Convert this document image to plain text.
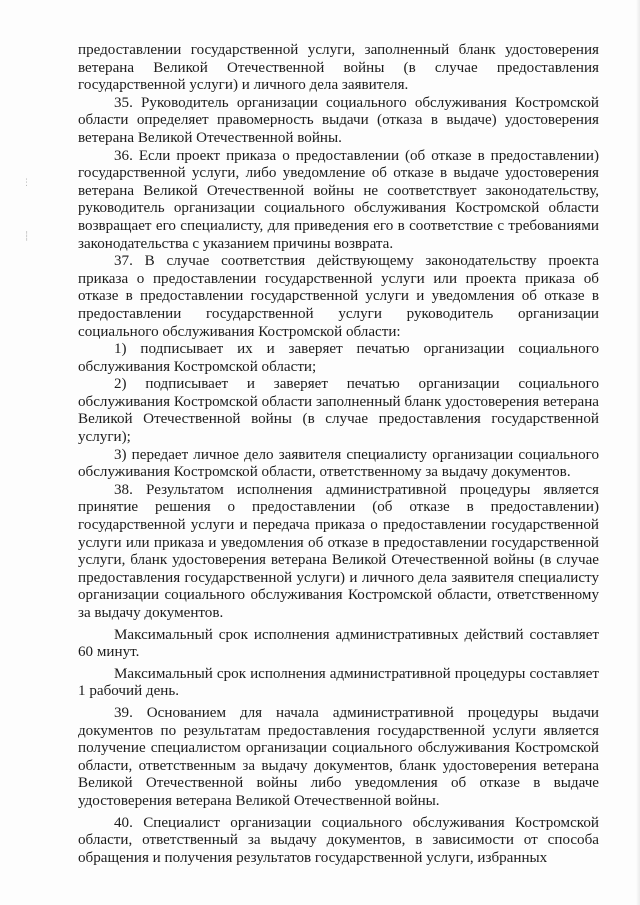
⋮
┆

предоставлении государственной услуги, заполненный бланк удостоверения ветерана Великой Отечественной войны (в случае предоставления государственной услуги) и личного дела заявителя.

35. Руководитель организации социального обслуживания Костромской области определяет правомерность выдачи (отказа в выдаче) удостоверения ветерана Великой Отечественной войны.

36. Если проект приказа о предоставлении (об отказе в предоставлении) государственной услуги, либо уведомление об отказе в выдаче удостоверения ветерана Великой Отечественной войны не соответствует законодательству, руководитель организации социального обслуживания Костромской области возвращает его специалисту, для приведения его в соответствие с требованиями законодательства с указанием причины возврата.

37. В случае соответствия действующему законодательству проекта приказа о предоставлении государственной услуги или проекта приказа об отказе в предоставлении государственной услуги и уведомления об отказе в предоставлении государственной услуги руководитель организации социального обслуживания Костромской области:

1) подписывает их и заверяет печатью организации социального обслуживания Костромской области;

2) подписывает и заверяет печатью организации социального обслуживания Костромской области заполненный бланк удостоверения ветерана Великой Отечественной войны (в случае предоставления государственной услуги);

3) передает личное дело заявителя специалисту организации социального обслуживания Костромской области, ответственному за выдачу документов.

38. Результатом исполнения административной процедуры является принятие решения о предоставлении (об отказе в предоставлении) государственной услуги и передача приказа о предоставлении государственной услуги или приказа и уведомления об отказе в предоставлении государственной услуги, бланк удостоверения ветерана Великой Отечественной войны (в случае предоставления государственной услуги) и личного дела заявителя специалисту организации социального обслуживания Костромской области, ответственному за выдачу документов.

Максимальный срок исполнения административных действий составляет 60 минут.

Максимальный срок исполнения административной процедуры составляет 1 рабочий день.

39. Основанием для начала административной процедуры выдачи документов по результатам предоставления государственной услуги является получение специалистом организации социального обслуживания Костромской области, ответственным за выдачу документов, бланк удостоверения ветерана Великой Отечественной войны либо уведомления об отказе в выдаче удостоверения ветерана Великой Отечественной войны.

40. Специалист организации социального обслуживания Костромской области, ответственный за выдачу документов, в зависимости от способа обращения и получения результатов государственной услуги, избранных
